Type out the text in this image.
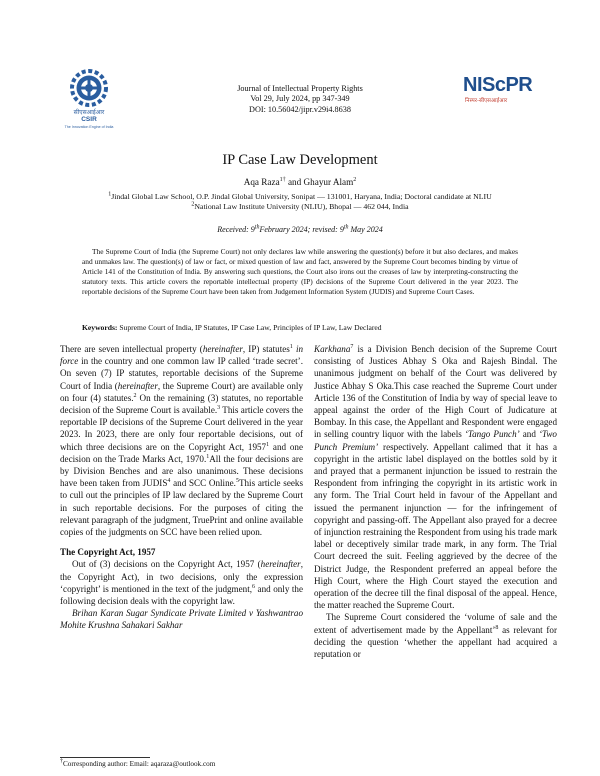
सीएसआईआर
CSIR
The Innovation Engine of India
NIScPR
निस्पर-सीएसआईआर
Journal of Intellectual Property Rights
Vol 29, July 2024, pp 347-349
DOI: 10.56042/jipr.v29i4.8638
IP Case Law Development
Aqa Raza$^{1\dagger}$ and Ghayur Alam$^2$
$^1$Jindal Global Law School, O.P. Jindal Global University, Sonipat — 131001, Haryana, India; Doctoral candidate at NLIU
$^2$National Law Institute University (NLIU), Bhopal — 462 044, India
Received: 9thFebruary 2024; revised: 9th May 2024
The Supreme Court of India (the Supreme Court) not only declares law while answering the question(s) before it but also declares, and makes and unmakes law. The question(s) of law or fact, or mixed question of law and fact, answered by the Supreme Court becomes binding by virtue of Article 141 of the Constitution of India. By answering such questions, the Court also irons out the creases of law by interpreting-constructing the statutory texts. This article covers the reportable intellectual property (IP) decisions of the Supreme Court delivered in the year 2023. The reportable decisions of the Supreme Court have been taken from Judgement Information System (JUDIS) and Supreme Court Cases.
Keywords: Supreme Court of India, IP Statutes, IP Case Law, Principles of IP Law, Law Declared

There are seven intellectual property (hereinafter, IP) statutes$^1$ in force in the country and one common law IP called ‘trade secret’. On seven (7) IP statutes, reportable decisions of the Supreme Court of India (hereinafter, the Supreme Court) are available only on four (4) statutes.$^2$ On the remaining (3) statutes, no reportable decision of the Supreme Court is available.$^3$ This article covers the reportable IP decisions of the Supreme Court delivered in the year 2023. In 2023, there are only four reportable decisions, out of which three decisions are on the Copyright Act, 1957$^1$ and one decision on the Trade Marks Act, 1970.$^1$All the four decisions are by Division Benches and are also unanimous. These decisions have been taken from JUDIS$^4$ and SCC Online.$^5$This article seeks to cull out the principles of IP law declared by the Supreme Court in such reportable decisions. For the purposes of citing the relevant paragraph of the judgment, TruePrint and online available copies of the judgments on SCC have been relied upon.

The Copyright Act, 1957

Out of (3) decisions on the Copyright Act, 1957 (hereinafter, the Copyright Act), in two decisions, only the expression ‘copyright’ is mentioned in the text of the judgment,$^6$ and only the following decision deals with the copyright law.

Brihan Karan Sugar Syndicate Private Limited v Yashwantrao Mohite Krushna Sahakari Sakhar

Karkhana$^7$ is a Division Bench decision of the Supreme Court consisting of Justices Abhay S Oka and Rajesh Bindal. The unanimous judgment on behalf of the Court was delivered by Justice Abhay S Oka.This case reached the Supreme Court under Article 136 of the Constitution of India by way of special leave to appeal against the order of the High Court of Judicature at Bombay. In this case, the Appellant and Respondent were engaged in selling country liquor with the labels ‘Tango Punch’ and ‘Two Punch Premium’ respectively. Appellant calimed that it has a copyright in the artistic label displayed on the bottles sold by it and prayed that a permanent injunction be issued to restrain the Respondent from infringing the copyright in its artistic work in any form. The Trial Court held in favour of the Appellant and issued the permanent injunction — for the infringement of copyright and passing-off. The Appellant also prayed for a decree of injunction restraining the Respondent from using his trade mark label or deceptively similar trade mark, in any form. The Trial Court decreed the suit. Feeling aggrieved by the decree of the District Judge, the Respondent preferred an appeal before the High Court, where the High Court stayed the execution and operation of the decree till the final disposal of the appeal. Hence, the matter reached the Supreme Court.

The Supreme Court considered the ‘volume of sale and the extent of advertisement made by the Appellant’$^8$ as relevant for deciding the question ‘whether the appellant had acquired a reputation or

†Corresponding author: Email: aqaraza@outlook.com
